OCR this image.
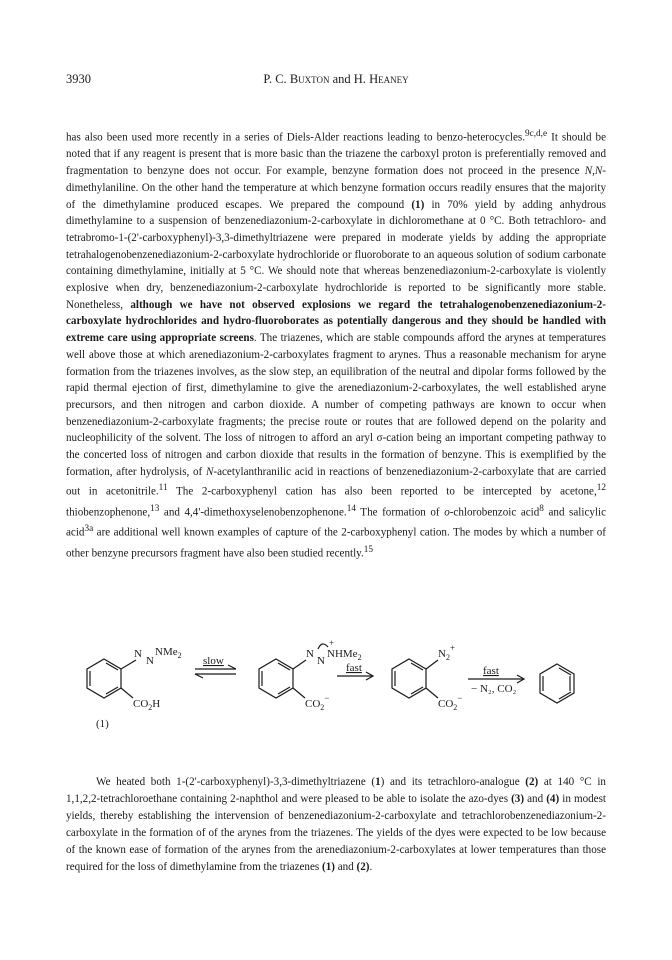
3930	P. C. Buxton and H. Heaney

has also been used more recently in a series of Diels-Alder reactions leading to benzo-heterocycles.$^{9c,d,e}$ It should be noted that if any reagent is present that is more basic than the triazene the carboxyl proton is preferentially removed and fragmentation to benzyne does not occur. For example, benzyne formation does not proceed in the presence N,N-dimethylaniline. On the other hand the temperature at which benzyne formation occurs readily ensures that the majority of the dimethylamine produced escapes. We prepared the compound (1) in 70% yield by adding anhydrous dimethylamine to a suspension of benzenediazonium-2-carboxylate in dichloromethane at 0 °C. Both tetrachloro- and tetrabromo-1-(2'-carboxyphenyl)-3,3-dimethyltriazene were prepared in moderate yields by adding the appropriate tetrahalogenobenzenediazonium-2-carboxylate hydrochloride or fluoroborate to an aqueous solution of sodium carbonate containing dimethylamine, initially at 5 °C. We should note that whereas benzenediazonium-2-carboxylate is violently explosive when dry, benzenediazonium-2-carboxylate hydrochloride is reported to be significantly more stable. Nonetheless, although we have not observed explosions we regard the tetrahalogenobenzenediazonium-2-carboxylate hydrochlorides and hydro-fluoroborates as potentially dangerous and they should be handled with extreme care using appropriate screens. The triazenes, which are stable compounds afford the arynes at temperatures well above those at which arenediazonium-2-carboxylates fragment to arynes. Thus a reasonable mechanism for aryne formation from the triazenes involves, as the slow step, an equilibration of the neutral and dipolar forms followed by the rapid thermal ejection of first, dimethylamine to give the arenediazonium-2-carboxylates, the well established aryne precursors, and then nitrogen and carbon dioxide. A number of competing pathways are known to occur when benzenediazonium-2-carboxylate fragments; the precise route or routes that are followed depend on the polarity and nucleophilicity of the solvent. The loss of nitrogen to afford an aryl σ-cation being an important competing pathway to the concerted loss of nitrogen and carbon dioxide that results in the formation of benzyne. This is exemplified by the formation, after hydrolysis, of N-acetylanthranilic acid in reactions of benzenediazonium-2-carboxylate that are carried out in acetonitrile.$^{11}$ The 2-carboxyphenyl cation has also been reported to be intercepted by acetone,$^{12}$ thiobenzophenone,$^{13}$ and 4,4'-dimethoxyselenobenzophenone.$^{14}$ The formation of o-chlorobenzoic acid$^8$ and salicylic acid$^{3a}$ are additional well known examples of capture of the 2-carboxyphenyl cation. The modes by which a number of other benzyne precursors fragment have also been studied recently.$^{15}$

N
N
NMe$_2$
$CO_2H$
(1)
slow
N
N
NHMe$_2$
+
$CO_2^-$
fast
$N_2^+$
$CO_2^-$
fast
− N₂, CO₂

We heated both 1-(2'-carboxyphenyl)-3,3-dimethyltriazene (1) and its tetrachloro-analogue (2) at 140 °C in 1,1,2,2-tetrachloroethane containing 2-naphthol and were pleased to be able to isolate the azo-dyes (3) and (4) in modest yields, thereby establishing the intervension of benzenediazonium-2-carboxylate and tetrachlorobenzenediazonium-2-carboxylate in the formation of of the arynes from the triazenes. The yields of the dyes were expected to be low because of the known ease of formation of the arynes from the arenediazonium-2-carboxylates at lower temperatures than those required for the loss of dimethylamine from the triazenes (1) and (2).
